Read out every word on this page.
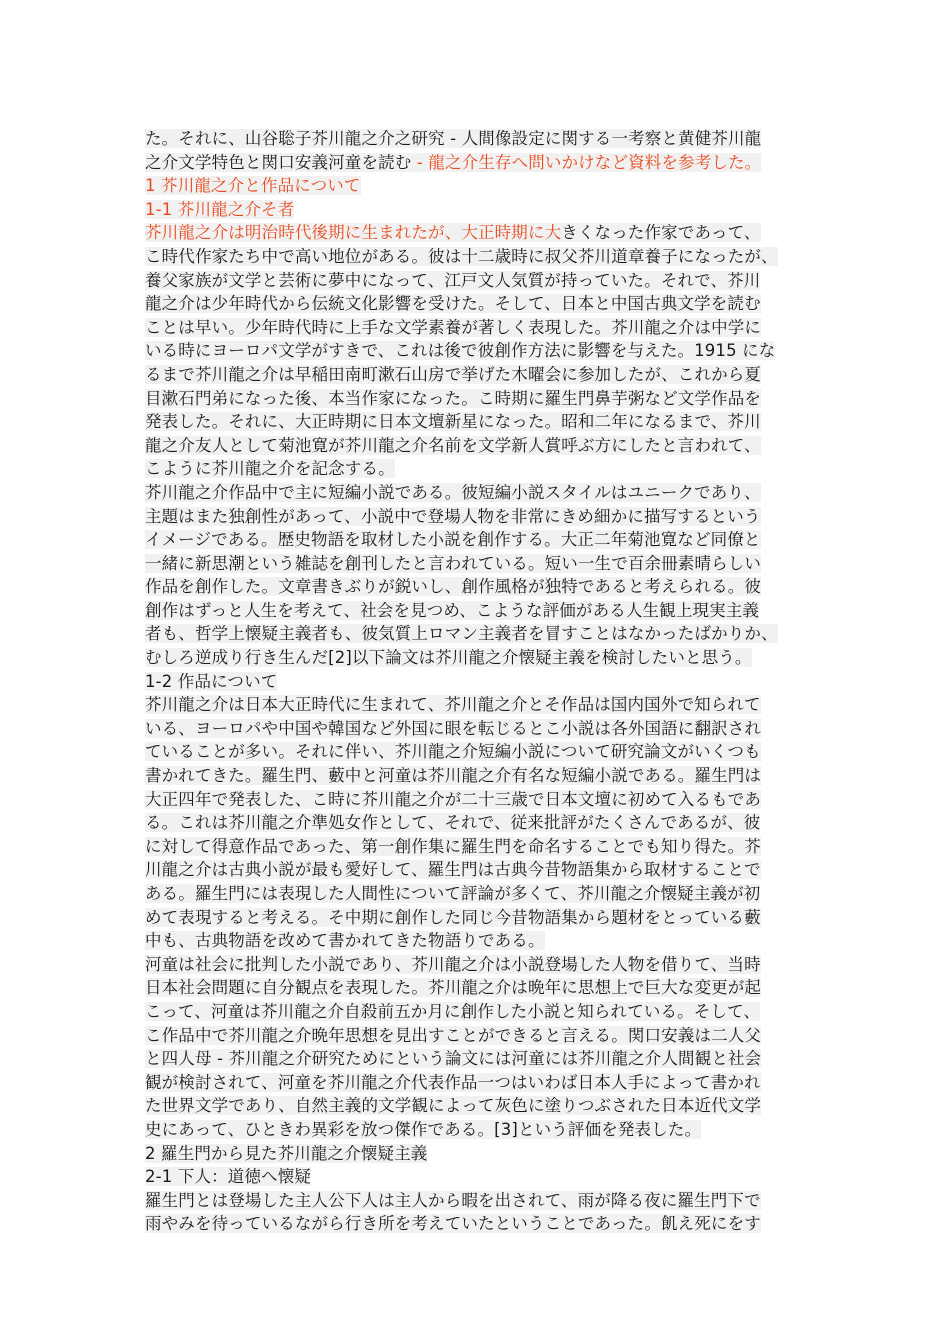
た。それに、山谷聡子芥川龍之介之研究 - 人間像設定に関する一考察と黄健芥川龍
之介文学特色と関口安義河童を読む - 龍之介生存へ問いかけなど資料を参考した。
1 芥川龍之介と作品について
1-1 芥川龍之介そ者
芥川龍之介は明治時代後期に生まれたが、大正時期に大きくなった作家であって、
こ時代作家たち中で高い地位がある。彼は十二歳時に叔父芥川道章養子になったが、
養父家族が文学と芸術に夢中になって、江戸文人気質が持っていた。それで、芥川
龍之介は少年時代から伝統文化影響を受けた。そして、日本と中国古典文学を読む
ことは早い。少年時代時に上手な文学素養が著しく表現した。芥川龍之介は中学に
いる時にヨーロパ文学がすきで、これは後で彼創作方法に影響を与えた。1915 にな
るまで芥川龍之介は早稲田南町漱石山房で挙げた木曜会に参加したが、これから夏
目漱石門弟になった後、本当作家になった。こ時期に羅生門鼻芋粥など文学作品を
発表した。それに、大正時期に日本文壇新星になった。昭和二年になるまで、芥川
龍之介友人として菊池寛が芥川龍之介名前を文学新人賞呼ぶ方にしたと言われて、
こように芥川龍之介を記念する。
芥川龍之介作品中で主に短編小説である。彼短編小説スタイルはユニークであり、
主題はまた独創性があって、小説中で登場人物を非常にきめ細かに描写するという
イメージである。歴史物語を取材した小説を創作する。大正二年菊池寛など同僚と
一緒に新思潮という雑誌を創刊したと言われている。短い一生で百余冊素晴らしい
作品を創作した。文章書きぶりが鋭いし、創作風格が独特であると考えられる。彼
創作はずっと人生を考えて、社会を見つめ、こような評価がある人生観上現実主義
者も、哲学上懐疑主義者も、彼気質上ロマン主義者を冒すことはなかったばかりか、
むしろ逆成り行き生んだ[2]以下論文は芥川龍之介懐疑主義を検討したいと思う。
1-2 作品について
芥川龍之介は日本大正時代に生まれて、芥川龍之介とそ作品は国内国外で知られて
いる、ヨーロパや中国や韓国など外国に眼を転じるとこ小説は各外国語に翻訳され
ていることが多い。それに伴い、芥川龍之介短編小説について研究論文がいくつも
書かれてきた。羅生門、藪中と河童は芥川龍之介有名な短編小説である。羅生門は
大正四年で発表した、こ時に芥川龍之介が二十三歳で日本文壇に初めて入るもであ
る。これは芥川龍之介準処女作として、それで、従来批評がたくさんであるが、彼
に対して得意作品であった、第一創作集に羅生門を命名することでも知り得た。芥
川龍之介は古典小説が最も愛好して、羅生門は古典今昔物語集から取材することで
ある。羅生門には表現した人間性について評論が多くて、芥川龍之介懐疑主義が初
めて表現すると考える。そ中期に創作した同じ今昔物語集から題材をとっている藪
中も、古典物語を改めて書かれてきた物語りである。
河童は社会に批判した小説であり、芥川龍之介は小説登場した人物を借りて、当時
日本社会問題に自分観点を表現した。芥川龍之介は晩年に思想上で巨大な変更が起
こって、河童は芥川龍之介自殺前五か月に創作した小説と知られている。そして、
こ作品中で芥川龍之介晩年思想を見出すことができると言える。関口安義は二人父
と四人母 - 芥川龍之介研究ためにという論文には河童には芥川龍之介人間観と社会
観が検討されて、河童を芥川龍之介代表作品一つはいわば日本人手によって書かれ
た世界文学であり、自然主義的文学観によって灰色に塗りつぶされた日本近代文学
史にあって、ひときわ異彩を放つ傑作である。[3]という評価を発表した。
2 羅生門から見た芥川龍之介懐疑主義
2-1 下人：道徳へ懐疑
羅生門とは登場した主人公下人は主人から暇を出されて、雨が降る夜に羅生門下で
雨やみを待っているながら行き所を考えていたということであった。飢え死にをす
